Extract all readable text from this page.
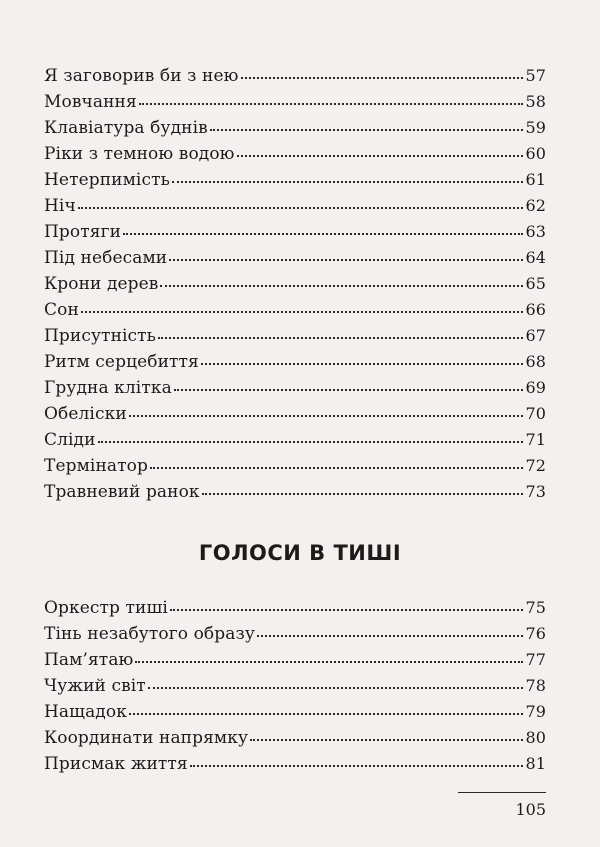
Я заговорив би з нею	57
Мовчання	58
Клавіатура буднів	59
Ріки з темною водою	60
Нетерпимість	61
Ніч	62
Протяги	63
Під небесами	64
Крони дерев	65
Сон	66
Присутність	67
Ритм серцебиття	68
Грудна клітка	69
Обеліски	70
Сліди	71
Термінатор	72
Травневий ранок	73
ГОЛОСИ В ТИШІ
Оркестр тиші	75
Тінь незабутого образу	76
Пам’ятаю	77
Чужий світ	78
Нащадок	79
Координати напрямку	80
Присмак життя	81
105
